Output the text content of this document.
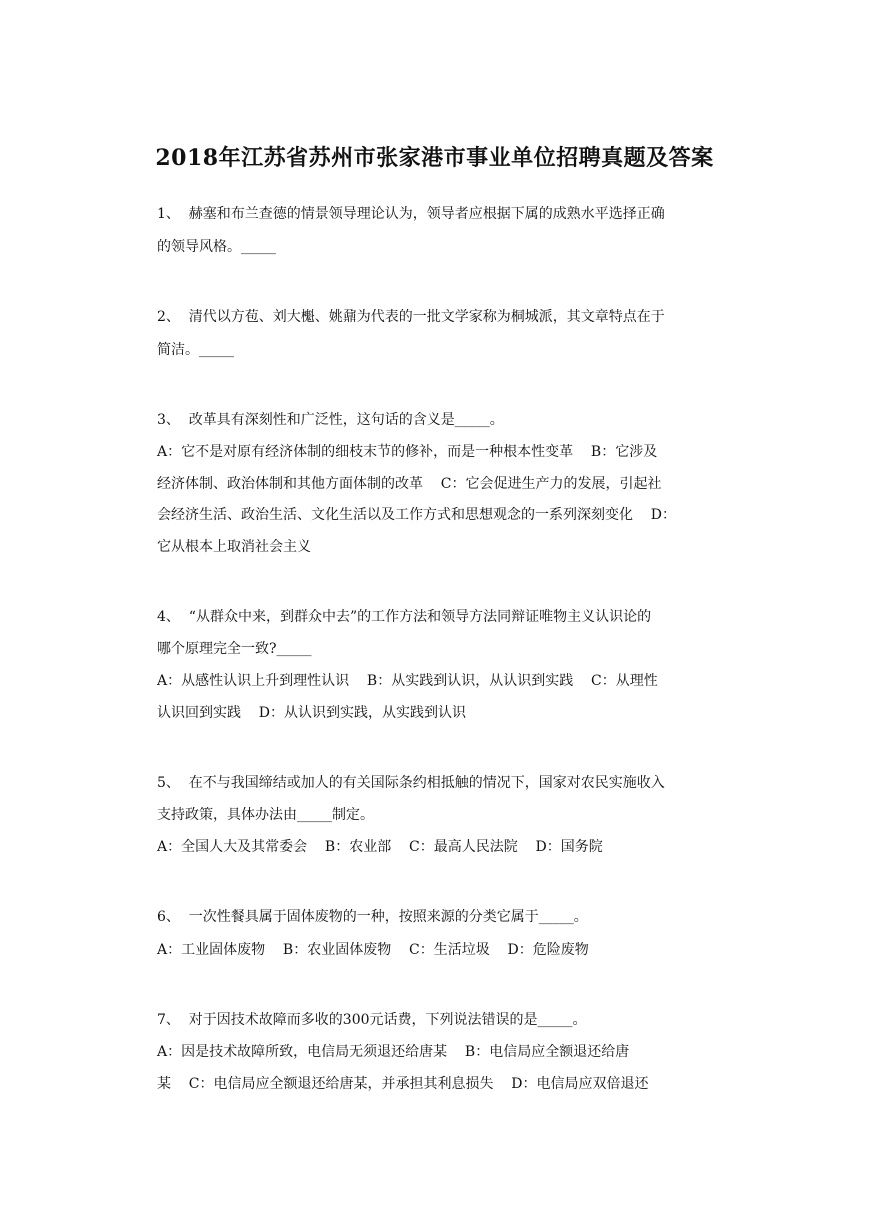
2018年江苏省苏州市张家港市事业单位招聘真题及答案
1、  赫塞和布兰查德的情景领导理论认为，领导者应根据下属的成熟水平选择正确
的领导风格。_____
2、  清代以方苞、刘大櫆、姚鼐为代表的一批文学家称为桐城派，其文章特点在于
简洁。_____
3、  改革具有深刻性和广泛性，这句话的含义是_____。
A：它不是对原有经济体制的细枝末节的修补，而是一种根本性变革    B：它涉及
经济体制、政治体制和其他方面体制的改革    C：它会促进生产力的发展，引起社
会经济生活、政治生活、文化生活以及工作方式和思想观念的一系列深刻变化    D：
它从根本上取消社会主义
4、  “从群众中来，到群众中去”的工作方法和领导方法同辩证唯物主义认识论的
哪个原理完全一致?_____
A：从感性认识上升到理性认识    B：从实践到认识，从认识到实践    C：从理性
认识回到实践    D：从认识到实践，从实践到认识
5、  在不与我国缔结或加人的有关国际条约相抵触的情况下，国家对农民实施收入
支持政策，具体办法由_____制定。
A：全国人大及其常委会    B：农业部    C：最高人民法院    D：国务院
6、  一次性餐具属于固体废物的一种，按照来源的分类它属于_____。
A：工业固体废物    B：农业固体废物    C：生活垃圾    D：危险废物
7、  对于因技术故障而多收的300元话费，下列说法错误的是_____。
A：因是技术故障所致，电信局无须退还给唐某    B：电信局应全额退还给唐
某    C：电信局应全额退还给唐某，并承担其利息损失    D：电信局应双倍退还
